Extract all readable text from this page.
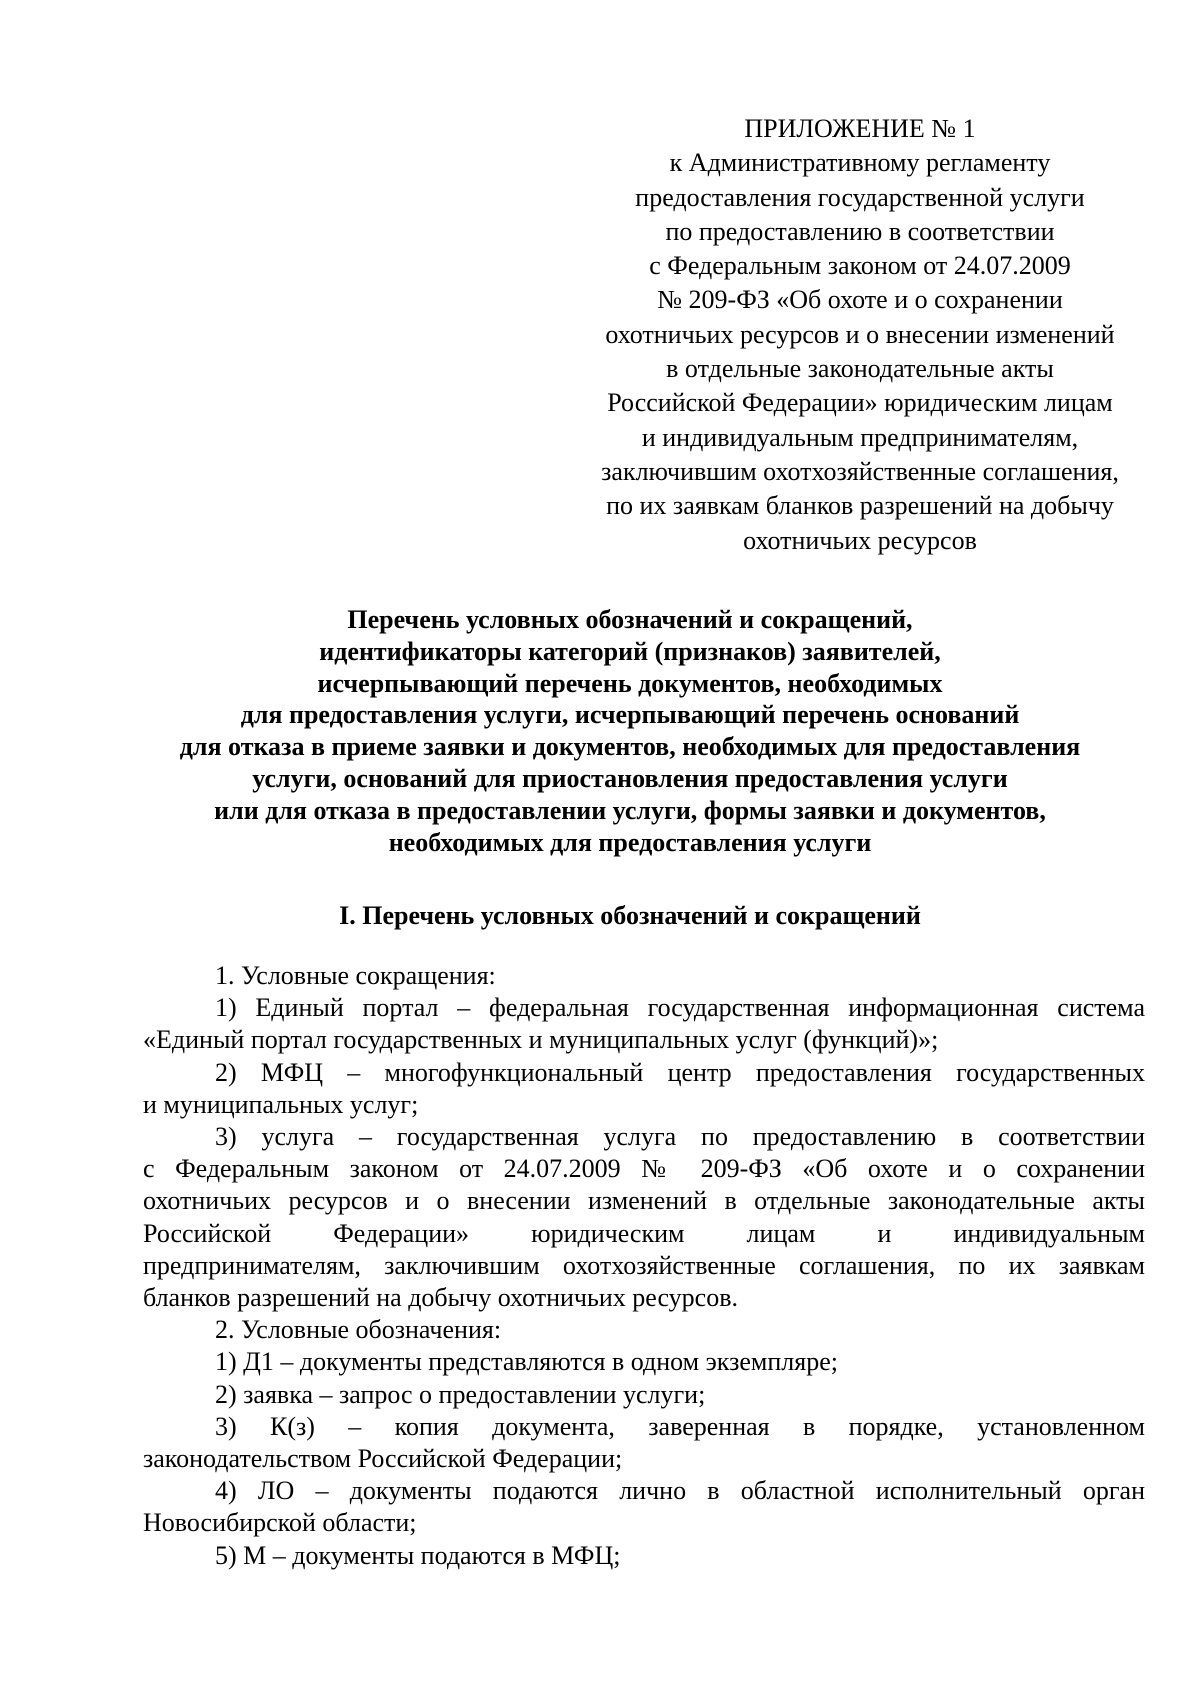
ПРИЛОЖЕНИЕ № 1
к Административному регламенту
предоставления государственной услуги
по предоставлению в соответствии
с Федеральным законом от 24.07.2009
№ 209-ФЗ «Об охоте и о сохранении
охотничьих ресурсов и о внесении изменений
в отдельные законодательные акты
Российской Федерации» юридическим лицам
и индивидуальным предпринимателям,
заключившим охотхозяйственные соглашения,
по их заявкам бланков разрешений на добычу
охотничьих ресурсов
Перечень условных обозначений и сокращений,
идентификаторы категорий (признаков) заявителей,
исчерпывающий перечень документов, необходимых
для предоставления услуги, исчерпывающий перечень оснований
для отказа в приеме заявки и документов, необходимых для предоставления
услуги, оснований для приостановления предоставления услуги
или для отказа в предоставлении услуги, формы заявки и документов,
необходимых для предоставления услуги
I. Перечень условных обозначений и сокращений
1. Условные сокращения:
1) Единый портал – федеральная государственная информационная система
«Единый портал государственных и муниципальных услуг (функций)»;
2) МФЦ – многофункциональный центр предоставления государственных
и муниципальных услуг;
3) услуга – государственная услуга по предоставлению в соответствии
с Федеральным законом от 24.07.2009 № 209-ФЗ «Об охоте и о сохранении
охотничьих ресурсов и о внесении изменений в отдельные законодательные акты
Российской Федерации» юридическим лицам и индивидуальным
предпринимателям, заключившим охотхозяйственные соглашения, по их заявкам
бланков разрешений на добычу охотничьих ресурсов.
2. Условные обозначения:
1) Д1 – документы представляются в одном экземпляре;
2) заявка – запрос о предоставлении услуги;
3) К(з) – копия документа, заверенная в порядке, установленном
законодательством Российской Федерации;
4) ЛО – документы подаются лично в областной исполнительный орган
Новосибирской области;
5) М – документы подаются в МФЦ;
